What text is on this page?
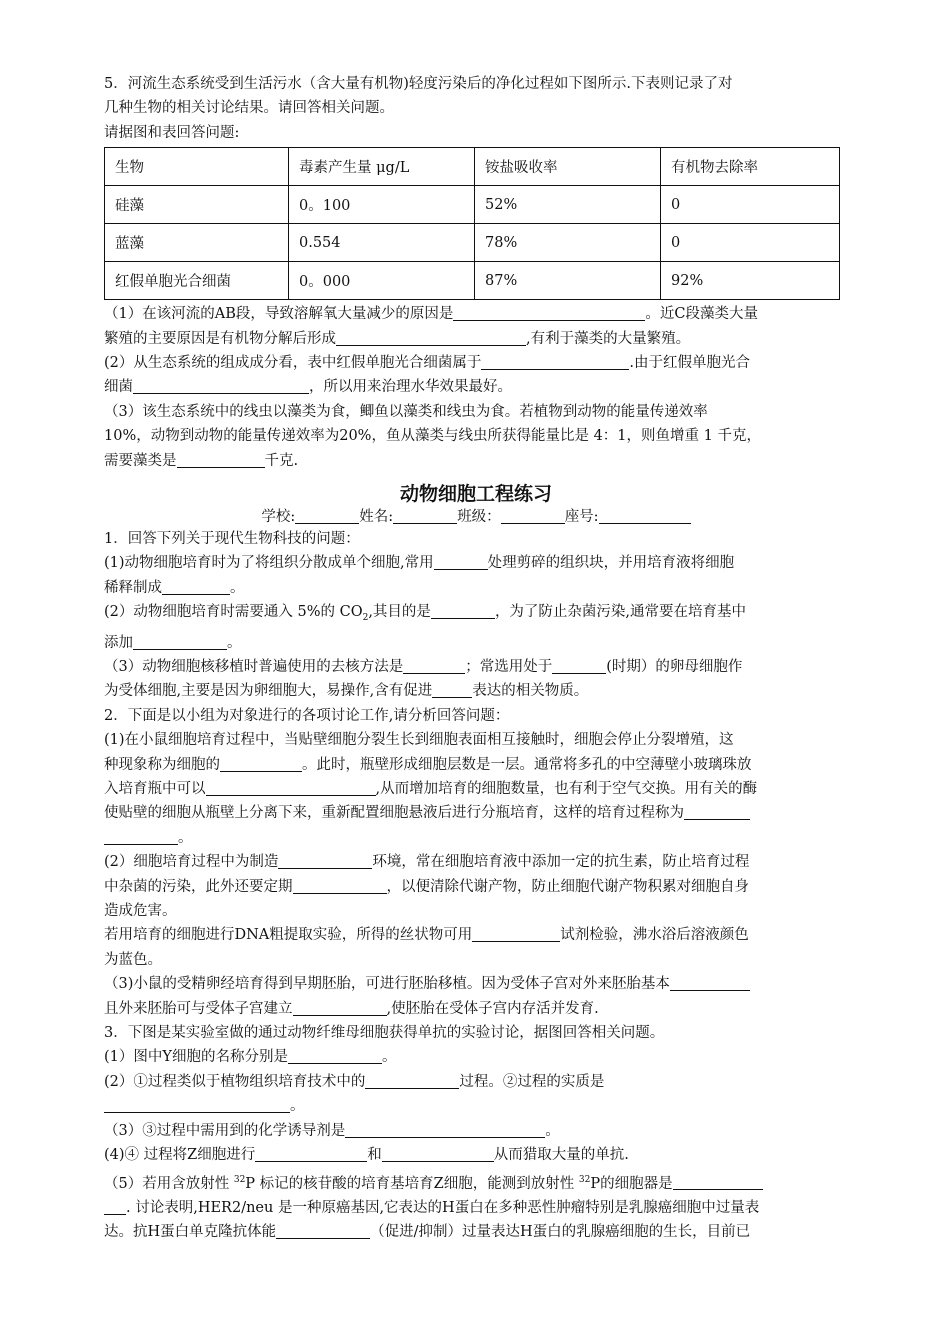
5．河流生态系统受到生活污水（含大量有机物)轻度污染后的净化过程如下图所示.下表则记录了对

几种生物的相关讨论结果。请回答相关问题。

请据图和表回答问题:

生物	毒素产生量 μg/L	铵盐吸收率	有机物去除率
硅藻	0。100	52%	0
蓝藻	0.554	78%	0
红假单胞光合细菌	0。000	87%	92%

（1）在该河流的AB段，导致溶解氧大量减少的原因是	。近C段藻类大量

繁殖的主要原因是有机物分解后形成	,有利于藻类的大量繁殖。

(2）从生态系统的组成成分看，表中红假单胞光合细菌属于	.由于红假单胞光合

细菌	，所以用来治理水华效果最好。

（3）该生态系统中的线虫以藻类为食，鲫鱼以藻类和线虫为食。若植物到动物的能量传递效率

10%，动物到动物的能量传递效率为20%，鱼从藻类与线虫所获得能量比是 4：1，则鱼增重 1 千克，

需要藻类是	千克.

动物细胞工程练习
学校:	姓名:	班级：	座号:

1．回答下列关于现代生物科技的问题：

(1)动物细胞培育时为了将组织分散成单个细胞,常用	处理剪碎的组织块，并用培育液将细胞

稀释制成	。

(2）动物细胞培育时需要通入 5%的 $CO_2$,其目的是	，为了防止杂菌污染,通常要在培育基中

添加	。

（3）动物细胞核移植时普遍使用的去核方法是	；常选用处于	(时期）的卵母细胞作

为受体细胞,主要是因为卵细胞大，易操作,含有促进	表达的相关物质。

2．下面是以小组为对象进行的各项讨论工作,请分析回答问题：

(1)在小鼠细胞培育过程中，当贴壁细胞分裂生长到细胞表面相互接触时，细胞会停止分裂增殖，这

种现象称为细胞的	。此时，瓶壁形成细胞层数是一层。通常将多孔的中空薄壁小玻璃珠放

入培育瓶中可以	,从而增加培育的细胞数量，也有利于空气交换。用有关的酶

使贴壁的细胞从瓶壁上分离下来，重新配置细胞悬液后进行分瓶培育，这样的培育过程称为

。

(2）细胞培育过程中为制造	环境，常在细胞培育液中添加一定的抗生素，防止培育过程

中杂菌的污染，此外还要定期	，以便清除代谢产物，防止细胞代谢产物积累对细胞自身

造成危害。

若用培育的细胞进行DNA粗提取实验，所得的丝状物可用	试剂检验，沸水浴后溶液颜色

为蓝色。

（3)小鼠的受精卵经培育得到早期胚胎，可进行胚胎移植。因为受体子宫对外来胚胎基本

且外来胚胎可与受体子宫建立	,使胚胎在受体子宫内存活并发育.

3．下图是某实验室做的通过动物纤维母细胞获得单抗的实验讨论，据图回答相关问题。

(1）图中Y细胞的名称分别是	。

(2）①过程类似于植物组织培育技术中的	过程。②过程的实质是

。

（3）③过程中需用到的化学诱导剂是	。

(4)④ 过程将Z细胞进行	和	从而猎取大量的单抗.

（5）若用含放射性 $^{32}$P 标记的核苷酸的培育基培育Z细胞，能测到放射性 $^{32}$P的细胞器是

. 讨论表明,HER2/neu 是一种原癌基因,它表达的H蛋白在多种恶性肿瘤特别是乳腺癌细胞中过量表

达。抗H蛋白单克隆抗体能	（促进/抑制）过量表达H蛋白的乳腺癌细胞的生长，目前已
